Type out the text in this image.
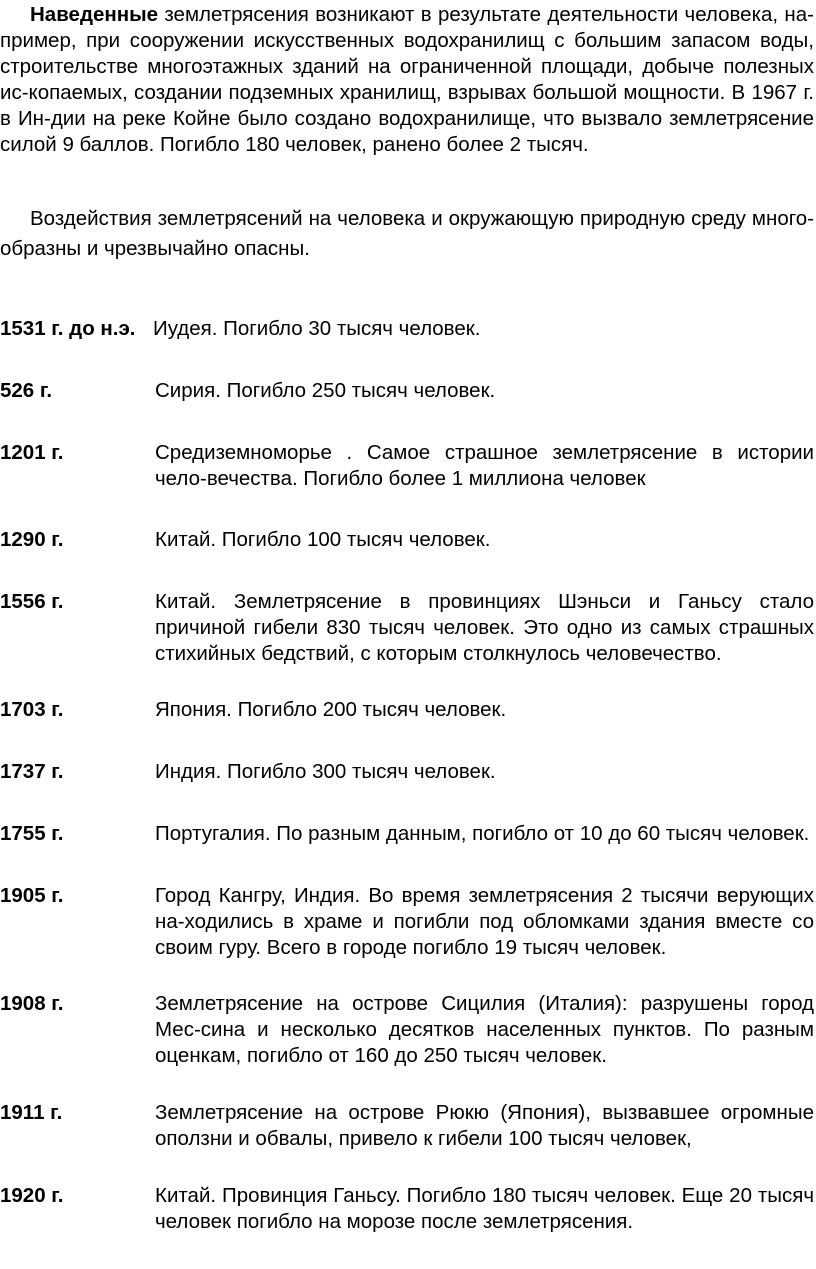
Наведенные землетрясения возникают в результате деятельности человека, на-пример, при сооружении искусственных водохранилищ с большим запасом воды, строительстве многоэтажных зданий на ограниченной площади, добыче полезных ис-копаемых, создании подземных хранилищ, взрывах большой мощности. В 1967 г. в Ин-дии на реке Койне было создано водохранилище, что вызвало землетрясение силой 9 баллов. Погибло 180 человек, ранено более 2 тысяч.

Воздействия землетрясений на человека и окружающую природную среду много-образны и чрезвычайно опасны.

1531 г. до н.э. Иудея. Погибло 30 тысяч человек.
526 г.	Сирия. Погибло 250 тысяч человек.
1201 г.	Средиземноморье . Самое страшное землетрясение в истории чело-вечества. Погибло более 1 миллиона человек
1290 г.	Китай. Погибло 100 тысяч человек.
1556 г.	Китай. Землетрясение в провинциях Шэньси и Ганьсу стало причиной гибели 830 тысяч человек. Это одно из самых страшных стихийных бедствий, с которым столкнулось человечество.
1703 г.	Япония. Погибло 200 тысяч человек.
1737 г.	Индия. Погибло 300 тысяч человек.
1755 г.	Португалия. По разным данным, погибло от 10 до 60 тысяч человек.
1905 г.	Город Кангру, Индия. Во время землетрясения 2 тысячи верующих на-ходились в храме и погибли под обломками здания вместе со своим гуру. Всего в городе погибло 19 тысяч человек.
1908 г.	Землетрясение на острове Сицилия (Италия): разрушены город Мес-сина и несколько десятков населенных пунктов. По разным оценкам, погибло от 160 до 250 тысяч человек.
1911 г.	Землетрясение на острове Рюкю (Япония), вызвавшее огромные оползни и обвалы, привело к гибели 100 тысяч человек,
1920 г.	Китай. Провинция Ганьсу. Погибло 180 тысяч человек. Еще 20 тысяч человек погибло на морозе после землетрясения.
